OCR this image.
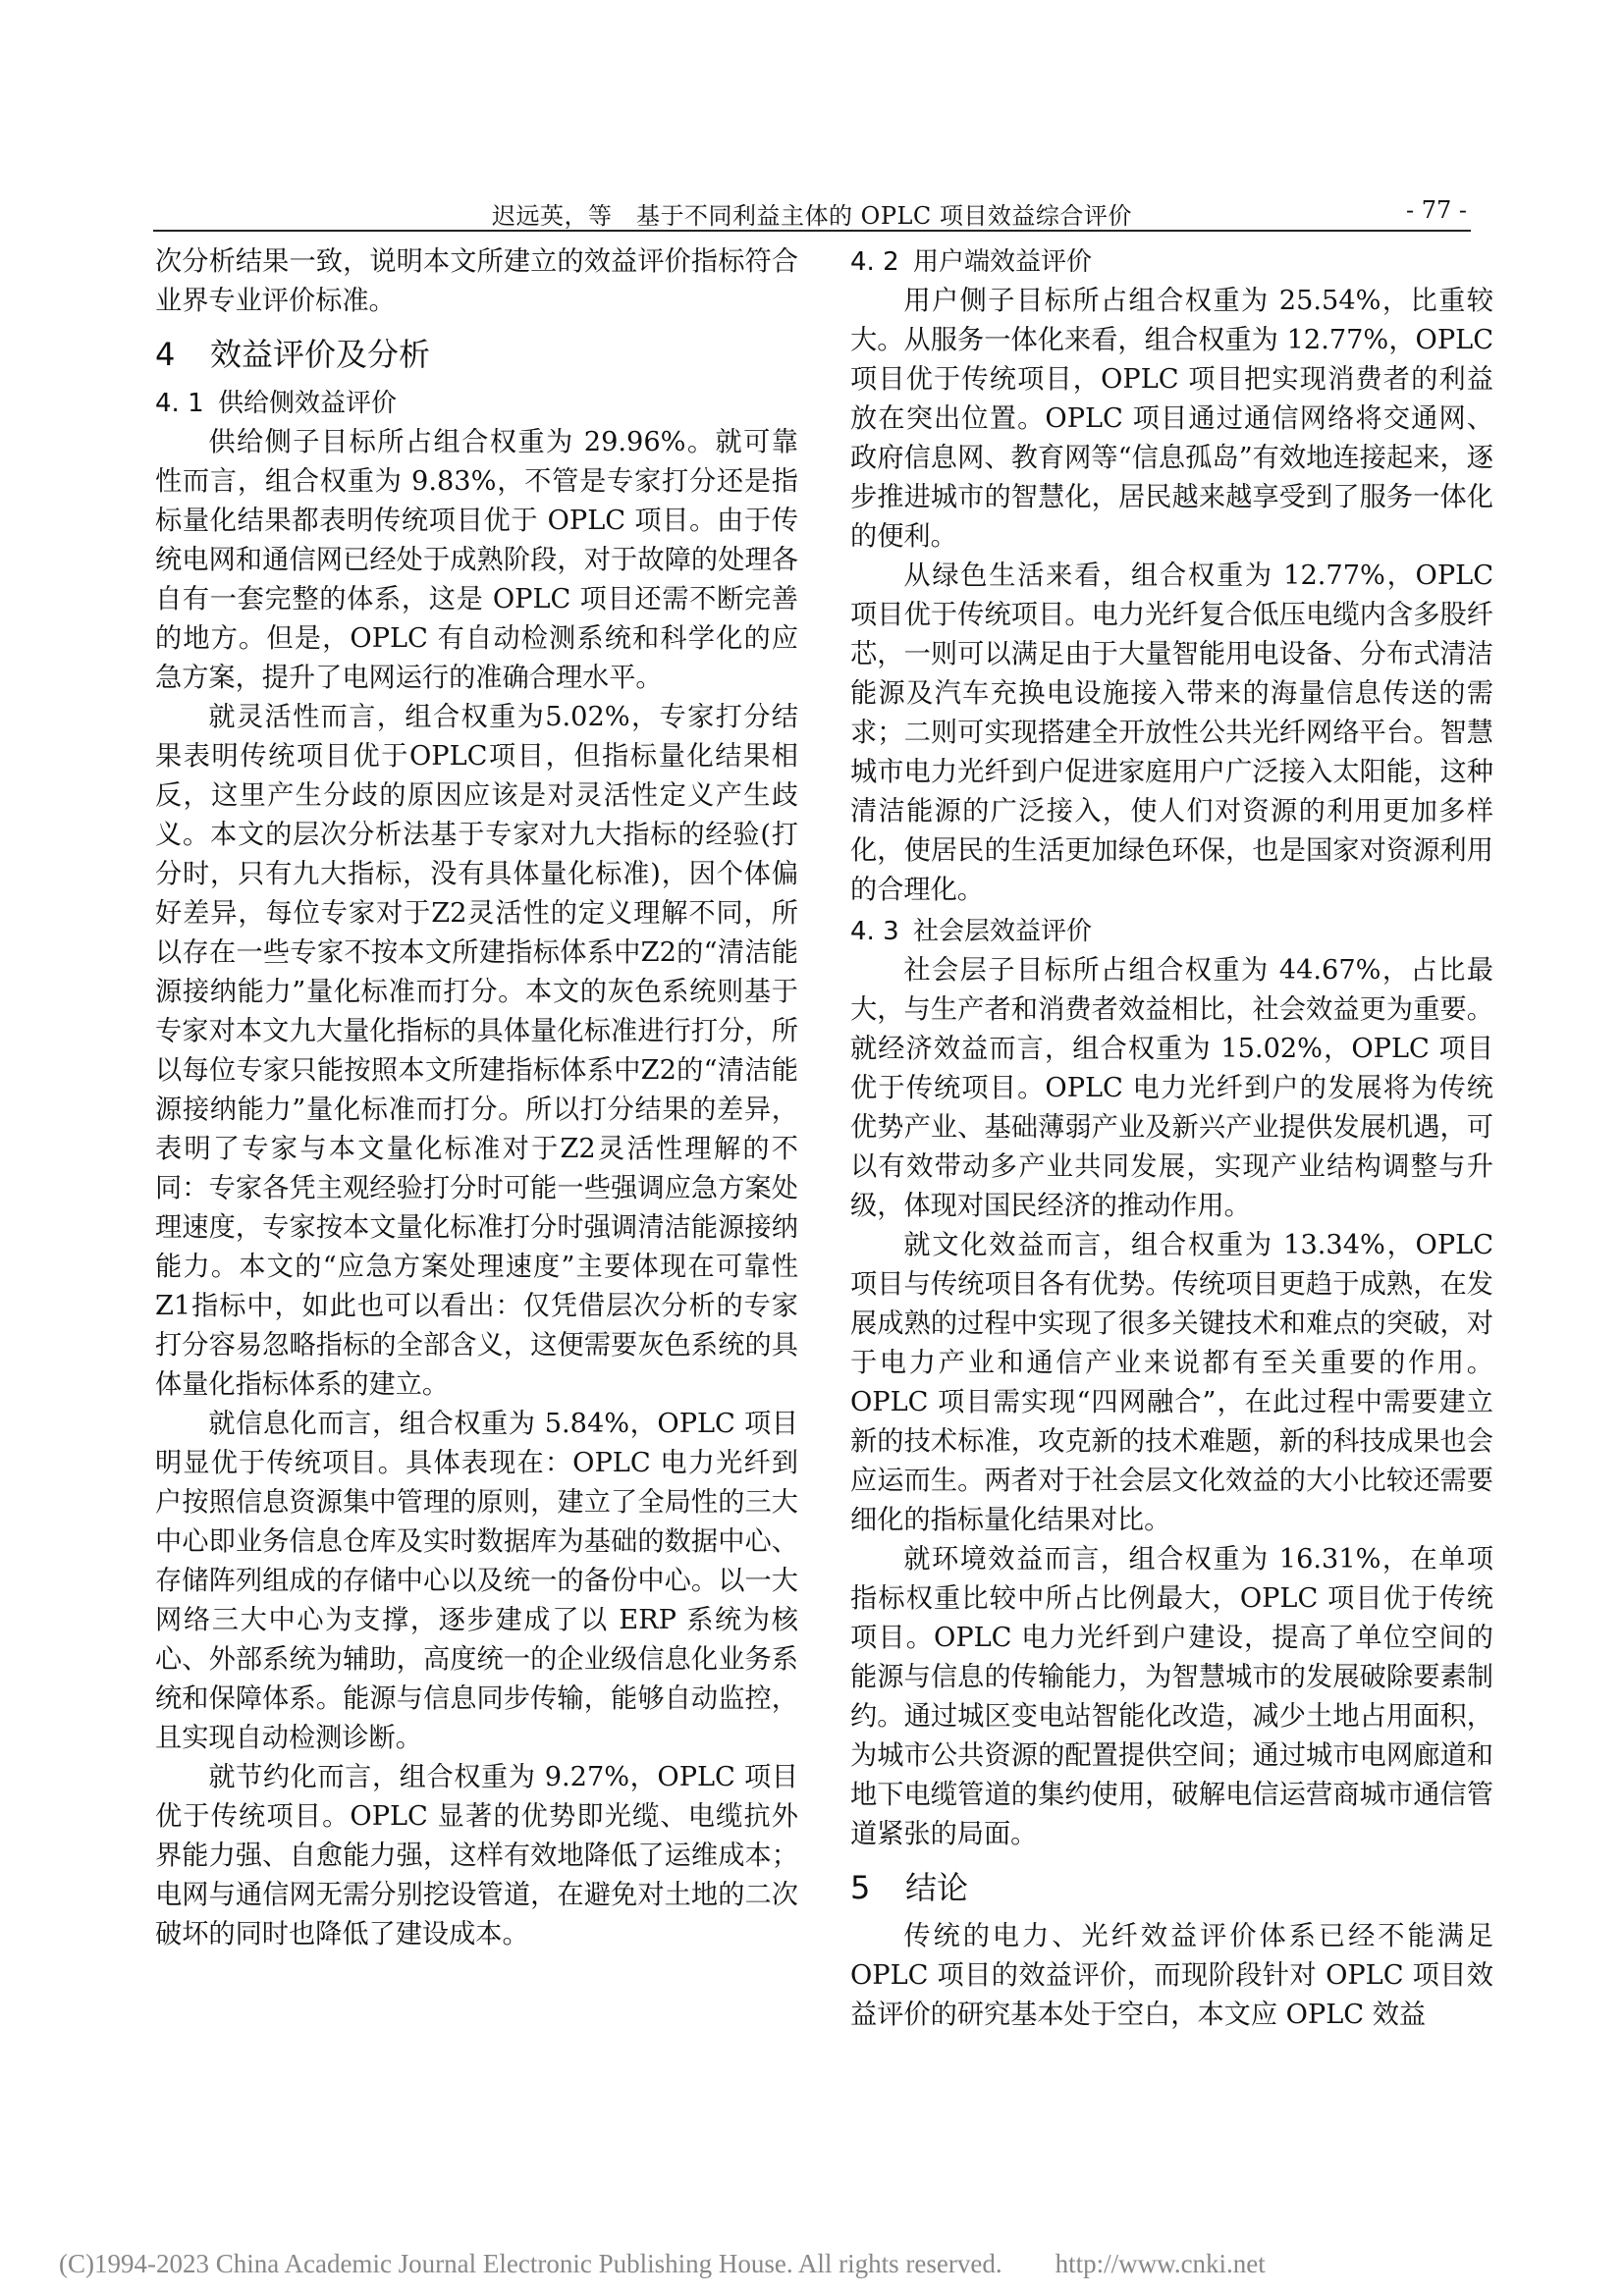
迟远英，等　基于不同利益主体的 OPLC 项目效益综合评价	- 77 -

次分析结果一致，说明本文所建立的效益评价指标符合业界专业评价标准。

4 效益评价及分析
4. 1 供给侧效益评价

供给侧子目标所占组合权重为 29.96%。就可靠性而言，组合权重为 9.83%，不管是专家打分还是指标量化结果都表明传统项目优于 OPLC 项目。由于传统电网和通信网已经处于成熟阶段，对于故障的处理各自有一套完整的体系，这是 OPLC 项目还需不断完善的地方。但是，OPLC 有自动检测系统和科学化的应急方案，提升了电网运行的准确合理水平。

就灵活性而言，组合权重为5.02%，专家打分结果表明传统项目优于OPLC项目，但指标量化结果相反，这里产生分歧的原因应该是对灵活性定义产生歧义。本文的层次分析法基于专家对九大指标的经验(打分时，只有九大指标，没有具体量化标准)，因个体偏好差异，每位专家对于Z2灵活性的定义理解不同，所以存在一些专家不按本文所建指标体系中Z2的“清洁能源接纳能力”量化标准而打分。本文的灰色系统则基于专家对本文九大量化指标的具体量化标准进行打分，所以每位专家只能按照本文所建指标体系中Z2的“清洁能源接纳能力”量化标准而打分。所以打分结果的差异，表明了专家与本文量化标准对于Z2灵活性理解的不同：专家各凭主观经验打分时可能一些强调应急方案处理速度，专家按本文量化标准打分时强调清洁能源接纳能力。本文的“应急方案处理速度”主要体现在可靠性Z1指标中，如此也可以看出：仅凭借层次分析的专家打分容易忽略指标的全部含义，这便需要灰色系统的具体量化指标体系的建立。

就信息化而言，组合权重为 5.84%，OPLC 项目明显优于传统项目。具体表现在：OPLC 电力光纤到户按照信息资源集中管理的原则，建立了全局性的三大中心即业务信息仓库及实时数据库为基础的数据中心、存储阵列组成的存储中心以及统一的备份中心。以一大网络三大中心为支撑，逐步建成了以 ERP 系统为核心、外部系统为辅助，高度统一的企业级信息化业务系统和保障体系。能源与信息同步传输，能够自动监控，且实现自动检测诊断。

就节约化而言，组合权重为 9.27%，OPLC 项目优于传统项目。OPLC 显著的优势即光缆、电缆抗外界能力强、自愈能力强，这样有效地降低了运维成本；电网与通信网无需分别挖设管道，在避免对土地的二次破坏的同时也降低了建设成本。

4. 2 用户端效益评价

用户侧子目标所占组合权重为 25.54%，比重较大。从服务一体化来看，组合权重为 12.77%，OPLC 项目优于传统项目，OPLC 项目把实现消费者的利益放在突出位置。OPLC 项目通过通信网络将交通网、政府信息网、教育网等“信息孤岛”有效地连接起来，逐步推进城市的智慧化，居民越来越享受到了服务一体化的便利。

从绿色生活来看，组合权重为 12.77%，OPLC 项目优于传统项目。电力光纤复合低压电缆内含多股纤芯，一则可以满足由于大量智能用电设备、分布式清洁能源及汽车充换电设施接入带来的海量信息传送的需求；二则可实现搭建全开放性公共光纤网络平台。智慧城市电力光纤到户促进家庭用户广泛接入太阳能，这种清洁能源的广泛接入，使人们对资源的利用更加多样化，使居民的生活更加绿色环保，也是国家对资源利用的合理化。

4. 3 社会层效益评价

社会层子目标所占组合权重为 44.67%，占比最大，与生产者和消费者效益相比，社会效益更为重要。就经济效益而言，组合权重为 15.02%，OPLC 项目优于传统项目。OPLC 电力光纤到户的发展将为传统优势产业、基础薄弱产业及新兴产业提供发展机遇，可以有效带动多产业共同发展，实现产业结构调整与升级，体现对国民经济的推动作用。

就文化效益而言，组合权重为 13.34%，OPLC 项目与传统项目各有优势。传统项目更趋于成熟，在发展成熟的过程中实现了很多关键技术和难点的突破，对于电力产业和通信产业来说都有至关重要的作用。OPLC 项目需实现“四网融合”，在此过程中需要建立新的技术标准，攻克新的技术难题，新的科技成果也会应运而生。两者对于社会层文化效益的大小比较还需要细化的指标量化结果对比。

就环境效益而言，组合权重为 16.31%，在单项指标权重比较中所占比例最大，OPLC 项目优于传统项目。OPLC 电力光纤到户建设，提高了单位空间的能源与信息的传输能力，为智慧城市的发展破除要素制约。通过城区变电站智能化改造，减少土地占用面积，为城市公共资源的配置提供空间；通过城市电网廊道和地下电缆管道的集约使用，破解电信运营商城市通信管道紧张的局面。

5 结论

传统的电力、光纤效益评价体系已经不能满足 OPLC 项目的效益评价，而现阶段针对 OPLC 项目效益评价的研究基本处于空白，本文应 OPLC 效益

(C)1994-2023 China Academic Journal Electronic Publishing House. All rights reserved.　　http://www.cnki.net
